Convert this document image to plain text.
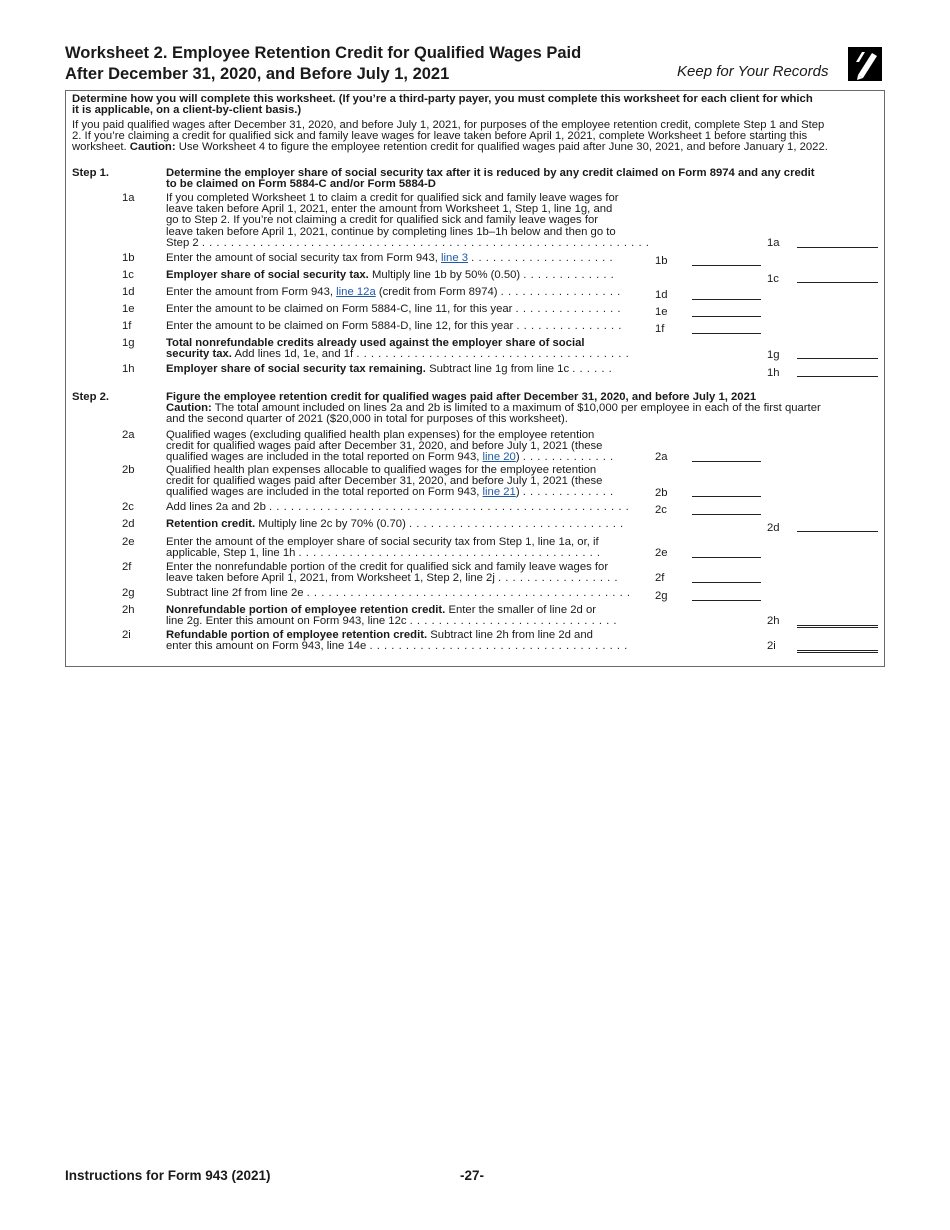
Worksheet 2. Employee Retention Credit for Qualified Wages Paid
After December 31, 2020, and Before July 1, 2021	Keep for Your Records
Determine how you will complete this worksheet. (If you’re a third-party payer, you must complete this worksheet for each client for which
it is applicable, on a client-by-client basis.)
If you paid qualified wages after December 31, 2020, and before July 1, 2021, for purposes of the employee retention credit, complete Step 1 and Step
2. If you’re claiming a credit for qualified sick and family leave wages for leave taken before April 1, 2021, complete Worksheet 1 before starting this
worksheet. Caution: Use Worksheet 4 to figure the employee retention credit for qualified wages paid after June 30, 2021, and before January 1, 2022.
Step 1.	Determine the employer share of social security tax after it is reduced by any credit claimed on Form 8974 and any credit
to be claimed on Form 5884-C and/or Form 5884-D
1a	If you completed Worksheet 1 to claim a credit for qualified sick and family leave wages for
leave taken before April 1, 2021, enter the amount from Worksheet 1, Step 1, line 1g, and
go to Step 2. If you’re not claiming a credit for qualified sick and family leave wages for
leave taken before April 1, 2021, continue by completing lines 1b–1h below and then go to
Step 2 . . . . . . . . . . . . . . . . . . . . . . . . . . . . . . . . . . . . . . . . . . . . . . . . . . . . . . . . . . . . . .	1a
1b	Enter the amount of social security tax from Form 943, line 3 . . . . . . . . . . . . . . . . . . . .	1b
1c	Employer share of social security tax. Multiply line 1b by 50% (0.50) . . . . . . . . . . . . .	1c
1d	Enter the amount from Form 943, line 12a (credit from Form 8974) . . . . . . . . . . . . . . . . .	1d
1e	Enter the amount to be claimed on Form 5884-C, line 11, for this year . . . . . . . . . . . . . . .	1e
1f	Enter the amount to be claimed on Form 5884-D, line 12, for this year . . . . . . . . . . . . . . .	1f
1g	Total nonrefundable credits already used against the employer share of social
security tax. Add lines 1d, 1e, and 1f . . . . . . . . . . . . . . . . . . . . . . . . . . . . . . . . . . . . . .	1g
1h	Employer share of social security tax remaining. Subtract line 1g from line 1c . . . . . .	1h
Step 2.	Figure the employee retention credit for qualified wages paid after December 31, 2020, and before July 1, 2021
Caution: The total amount included on lines 2a and 2b is limited to a maximum of $10,000 per employee in each of the first quarter
and the second quarter of 2021 ($20,000 in total for purposes of this worksheet).
2a	Qualified wages (excluding qualified health plan expenses) for the employee retention
credit for qualified wages paid after December 31, 2020, and before July 1, 2021 (these
qualified wages are included in the total reported on Form 943, line 20) . . . . . . . . . . . . .	2a
2b	Qualified health plan expenses allocable to qualified wages for the employee retention
credit for qualified wages paid after December 31, 2020, and before July 1, 2021 (these
qualified wages are included in the total reported on Form 943, line 21) . . . . . . . . . . . . .	2b
2c	Add lines 2a and 2b . . . . . . . . . . . . . . . . . . . . . . . . . . . . . . . . . . . . . . . . . . . . . . . . . . 2c
2d	Retention credit. Multiply line 2c by 70% (0.70) . . . . . . . . . . . . . . . . . . . . . . . . . . . . . .	2d
2e	Enter the amount of the employer share of social security tax from Step 1, line 1a, or, if
applicable, Step 1, line 1h . . . . . . . . . . . . . . . . . . . . . . . . . . . . . . . . . . . . . . . . . .	2e
2f	Enter the nonrefundable portion of the credit for qualified sick and family leave wages for
leave taken before April 1, 2021, from Worksheet 1, Step 2, line 2j . . . . . . . . . . . . . . . . .	2f
2g	Subtract line 2f from line 2e . . . . . . . . . . . . . . . . . . . . . . . . . . . . . . . . . . . . . . . . . . . . . 2g
2h	Nonrefundable portion of employee retention credit. Enter the smaller of line 2d or
line 2g. Enter this amount on Form 943, line 12c . . . . . . . . . . . . . . . . . . . . . . . . . . . . .	2h
2i	Refundable portion of employee retention credit. Subtract line 2h from line 2d and
enter this amount on Form 943, line 14e . . . . . . . . . . . . . . . . . . . . . . . . . . . . . . . . . . . .	2i
Instructions for Form 943 (2021)	-27-
